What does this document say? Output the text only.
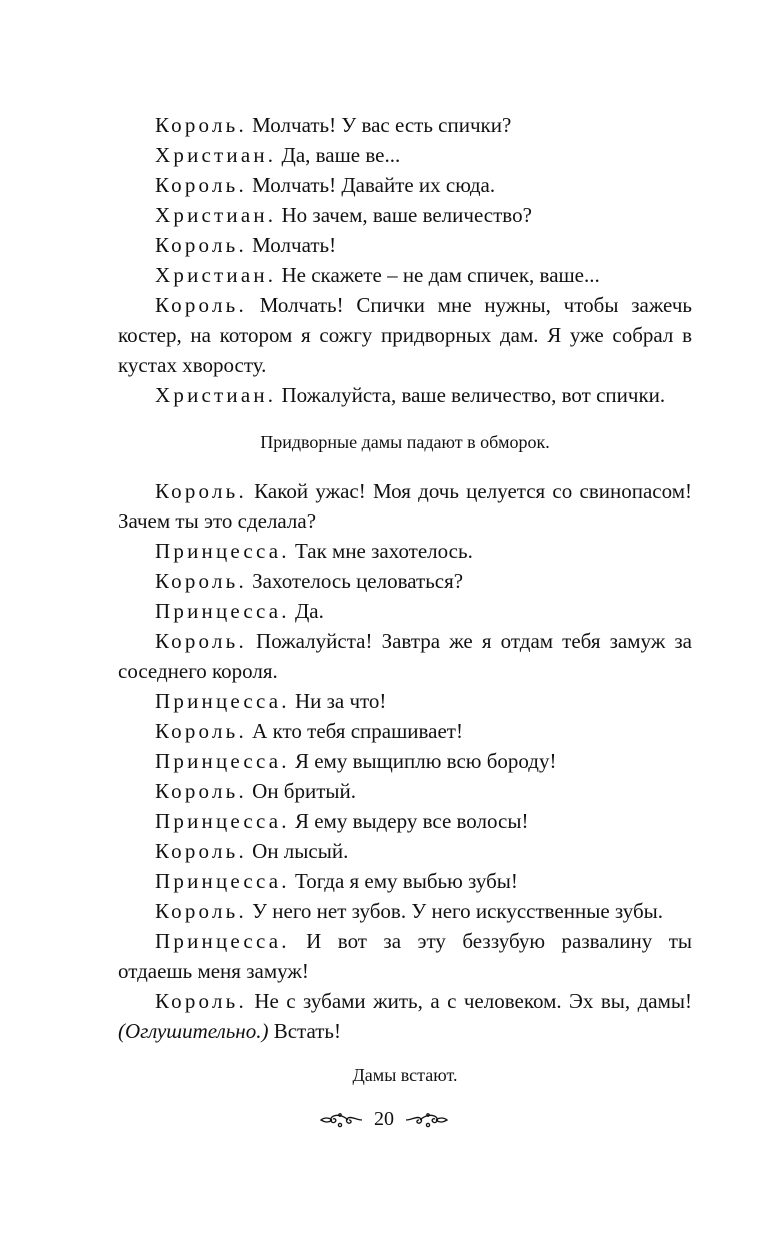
Король. Молчать! У вас есть спички?

Христиан. Да, ваше ве...

Король. Молчать! Давайте их сюда.

Христиан. Но зачем, ваше величество?

Король. Молчать!

Христиан. Не скажете – не дам спичек, ваше...

Король. Молчать! Спички мне нужны, чтобы зажечь костер, на котором я сожгу придворных дам. Я уже собрал в кустах хворосту.

Христиан. Пожалуйста, ваше величество, вот спички.

Придворные дамы падают в обморок.

Король. Какой ужас! Моя дочь целуется со свинопасом! Зачем ты это сделала?

Принцесса. Так мне захотелось.

Король. Захотелось целоваться?

Принцесса. Да.

Король. Пожалуйста! Завтра же я отдам тебя замуж за соседнего короля.

Принцесса. Ни за что!

Король. А кто тебя спрашивает!

Принцесса. Я ему выщиплю всю бороду!

Король. Он бритый.

Принцесса. Я ему выдеру все волосы!

Король. Он лысый.

Принцесса. Тогда я ему выбью зубы!

Король. У него нет зубов. У него искусственные зубы.

Принцесса. И вот за эту беззубую развалину ты отдаешь меня замуж!

Король. Не с зубами жить, а с человеком. Эх вы, дамы! (Оглушительно.) Встать!

Дамы встают.

20
